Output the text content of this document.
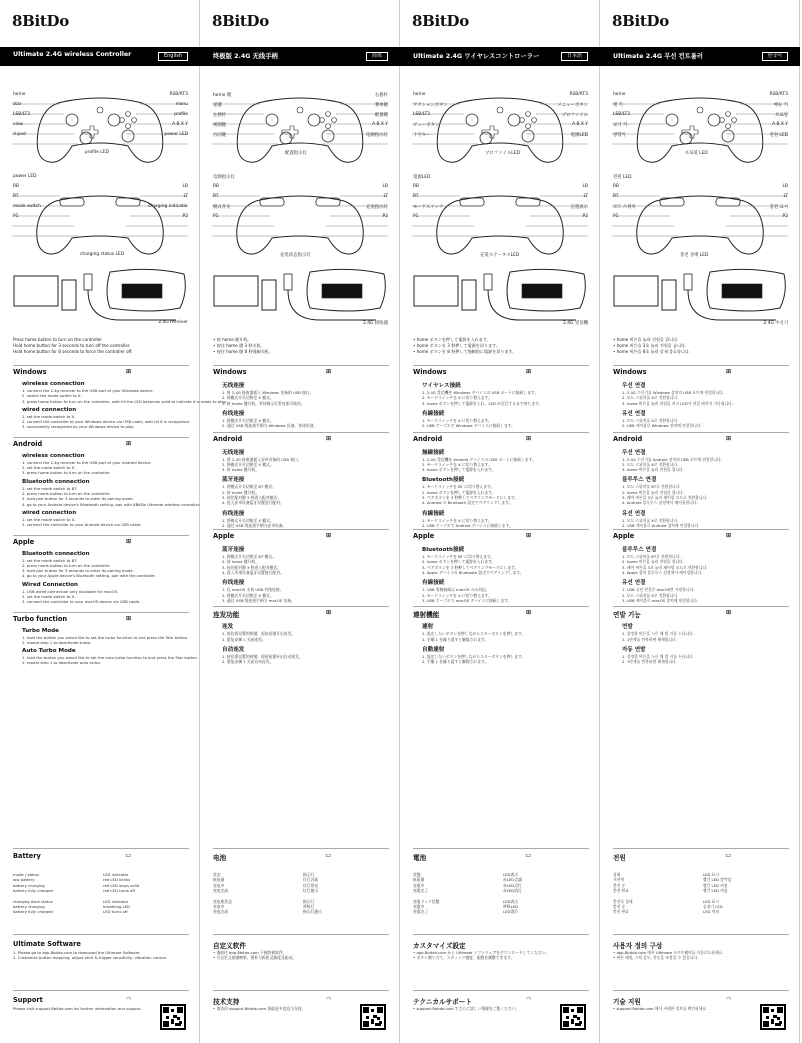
8BitDo
Ultimate 2.4G wireless Controller	English
home
star
LSB/LT3
view
d-pad
RSB/RT3
menu
profile
A B X Y
power LED
profile LED
power LED
RB
RT
mode switch
P1
LB
LT
charging indicator
P2
charging status LED
2.4G receiver
Press home button to turn on the controller.
Hold home button for 3 seconds to turn off the controller.
Hold home button for 8 seconds to force the controller off.
Windows	⊞
wireless connection
1. connect the 2.4g receiver to the USB port of your Windows device.
2. switch the mode switch to X.
3. press home button to turn on the controller, wait till the LED becomes solid to indicate it is ready to play.
wired connection
1. set the mode switch to X.
2. connect the controller to your Windows device via USB cable, wait till it is recognized.
3. successfully recognized by your Windows device to play.
Android	⊞
wireless connection
1. connect the 2.4g receiver to the USB port of your Android device.
2. set the mode switch to X.
3. press home button to turn on the controller.
Bluetooth connection
1. set the mode switch to BT.
2. press home button to turn on the controller.
3. hold pair button for 3 seconds to enter its pairing mode.
4. go to your Android device's Bluetooth setting, pair with 8BitDo Ultimate wireless controller.
wired connection
1. set the mode switch to X.
2. connect the controller to your Android device via USB cable.
Apple	⊞
Bluetooth connection
1. set the mode switch to BT.
2. press home button to turn on the controller.
3. hold pair button for 3 seconds to enter its pairing mode.
4. go to your Apple device's Bluetooth setting, pair with the controller.
Wired Connection
1. USB wired connection only available for macOS.
2. set the mode switch to X.
3. connect the controller to your macOS device via USB cable.
Turbo function	⊞
Turbo Mode
1. hold the button you would like to set the turbo function to and press the Star button.
2. repeat step 1 to deactivate turbo.
Auto Turbo Mode
1. hold the button you would like to set the auto turbo function to and press the Star button.
2. repeat step 1 to deactivate auto turbo.
Battery	▭
mode / status	LED indicator
low battery	red LED blinks
battery charging	red LED stays solid
battery fully charged	red LED turns off
charging dock status	LED indicator
battery charging	breathing LED
battery fully charged	LED turns off
Ultimate Software
1. Please go to app.8bitdo.com to download the Ultimate Software.
2. Customize button mapping, adjust stick & trigger sensitivity, vibration control.
Support	◠
Please visit support.8bitdo.com for further information and support.
8BitDo
终极版 2.4G 无线手柄	简体
home 键
星键
左摇杆
视图键
方向键
右摇杆
菜单键
配置键
A B X Y
电源指示灯
配置指示灯
电源指示灯
RB
RT
模式开关
P1
LB
LT
充电指示灯
P2
充电状态指示灯
2.4G 接收器
• 按 home 键开机。
• 按住 home 键 3 秒关机。
• 按住 home 键 8 秒强制关机。
Windows	⊞
无线连接
1. 将 2.4G 接收器插入 Windows 设备的 USB 接口。
2. 将模式开关切换至 X 模式。
3. 按 home 键开机，等待指示灯常亮即可使用。
有线连接
1. 将模式开关切换至 X 模式。
2. 通过 USB 线连接手柄与 Windows 设备，等待识别。
Android	⊞
无线连接
1. 将 2.4G 接收器插入安卓设备的 USB 接口。
2. 将模式开关切换至 X 模式。
3. 按 home 键开机。
蓝牙连接
1. 将模式开关切换至 BT 模式。
2. 按 home 键开机。
3. 按住配对键 3 秒进入配对模式。
4. 进入安卓设备蓝牙设置进行配对。
有线连接
1. 将模式开关切换至 X 模式。
2. 通过 USB 线连接手柄与安卓设备。
Apple	⊞
蓝牙连接
1. 将模式开关切换至 BT 模式。
2. 按 home 键开机。
3. 按住配对键 3 秒进入配对模式。
4. 进入苹果设备蓝牙设置进行配对。
有线连接
1. 仅 macOS 支持 USB 有线连接。
2. 将模式开关切换至 X 模式。
3. 通过 USB 线连接手柄与 macOS 设备。
连发功能	⊞
连发
1. 按住需设置的按键，再按星键开启连发。
2. 重复步骤 1 关闭连发。
自动连发
1. 按住需设置的按键，再按星键开启自动连发。
2. 重复步骤 1 关闭自动连发。
电池	▭
状态	指示灯
低电量	红灯闪烁
充电中	红灯常亮
充电完成	红灯熄灭
充电座状态	指示灯
充电中	呼吸灯
充电完成	指示灯熄灭
自定义软件
• 请前往 app.8bitdo.com 下载终极软件。
• 可自定义按键映射、摇杆与扳机灵敏度及振动。
技术支持	◠
• 请访问 support.8bitdo.com 获取更多信息与支持。
8BitDo
Ultimate 2.4G ワイヤレスコントローラー	日本語
home
アクションボタン
LSB/LT3
ビューボタン
十字キー
RSB/RT3
メニューボタン
プロファイル
A B X Y
電源LED
プロファイルLED
電源LED
RB
RT
モードスイッチ
P1
LB
LT
充電表示
P2
充電ステータスLED
2.4G 受信機
• home ボタンを押して電源を入れます。
• home ボタンを 3 秒押して電源を切ります。
• home ボタンを 8 秒押して強制的に電源を切ります。
Windows	⊞
ワイヤレス接続
1. 2.4G 受信機を Windows デバイスの USB ポートに接続します。
2. モードスイッチを X に切り替えます。
3. home ボタンを押して電源を入れ、LED が点灯するまで待ちます。
有線接続
1. モードスイッチを X に切り替えます。
2. USB ケーブルで Windows デバイスに接続します。
Android	⊞
無線接続
1. 2.4G 受信機を Android デバイスの USB ポートに接続します。
2. モードスイッチを X に切り替えます。
3. home ボタンを押して電源を入れます。
Bluetooth接続
1. モードスイッチを BT に切り替えます。
2. home ボタンを押して電源を入れます。
3. ペアボタンを 3 秒押してペアリングモードにします。
4. Android の Bluetooth 設定でペアリングします。
有線接続
1. モードスイッチを X に切り替えます。
2. USB ケーブルで Android デバイスに接続します。
Apple	⊞
Bluetooth接続
1. モードスイッチを BT に切り替えます。
2. home ボタンを押して電源を入れます。
3. ペアボタンを 3 秒押してペアリングモードにします。
4. Apple デバイスの Bluetooth 設定でペアリングします。
有線接続
1. USB 有線接続は macOS のみ対応。
2. モードスイッチを X に切り替えます。
3. USB ケーブルで macOS デバイスに接続します。
連射機能	⊞
連射
1. 設定したいボタンを押しながらスターボタンを押します。
2. 手順 1 を繰り返すと解除されます。
自動連射
1. 設定したいボタンを押しながらスターボタンを押します。
2. 手順 1 を繰り返すと解除されます。
電池	▭
状態	LED表示
低電量	赤LED点滅
充電中	赤LED点灯
充電完了	赤LED消灯
充電ドック状態	LED表示
充電中	呼吸LED
充電完了	LED消灯
カスタマイズ設定
• app.8bitdo.com から Ultimate ソフトウェアをダウンロードしてください。
• ボタン割り当て、スティック感度、振動を調整できます。
テクニカルサポート	◠
• support.8bitdo.com でさらに詳しい情報をご覧ください。
8BitDo
Ultimate 2.4G 무선 컨트롤러	한국어
home
별 키
LSB/LT3
보기 키
방향키
RSB/RT3
메뉴 키
프로필
A B X Y
전원 LED
프로필 LED
전원 LED
RB
RT
모드 스위치
P1
LB
LT
충전 표시
P2
충전 상태 LED
2.4G 수신기
• home 버튼을 눌러 전원을 켭니다.
• home 버튼을 3초 눌러 전원을 끕니다.
• home 버튼을 8초 눌러 강제 종료합니다.
Windows	⊞
무선 연결
1. 2.4G 수신기를 Windows 장치의 USB 포트에 연결합니다.
2. 모드 스위치를 X로 전환합니다.
3. home 버튼을 눌러 전원을 켜고 LED가 켜질 때까지 기다립니다.
유선 연결
1. 모드 스위치를 X로 전환합니다.
2. USB 케이블로 Windows 장치에 연결합니다.
Android	⊞
무선 연결
1. 2.4G 수신기를 Android 장치의 USB 포트에 연결합니다.
2. 모드 스위치를 X로 전환합니다.
3. home 버튼을 눌러 전원을 켭니다.
블루투스 연결
1. 모드 스위치를 BT로 전환합니다.
2. home 버튼을 눌러 전원을 켭니다.
3. 페어 버튼을 3초 눌러 페어링 모드로 전환합니다.
4. Android 블루투스 설정에서 페어링합니다.
유선 연결
1. 모드 스위치를 X로 전환합니다.
2. USB 케이블로 Android 장치에 연결합니다.
Apple	⊞
블루투스 연결
1. 모드 스위치를 BT로 전환합니다.
2. home 버튼을 눌러 전원을 켭니다.
3. 페어 버튼을 3초 눌러 페어링 모드로 전환합니다.
4. Apple 장치 블루투스 설정에서 페어링합니다.
유선 연결
1. USB 유선 연결은 macOS만 지원합니다.
2. 모드 스위치를 X로 전환합니다.
3. USB 케이블로 macOS 장치에 연결합니다.
연발 기능	⊞
연발
1. 설정할 버튼을 누른 채 별 키를 누릅니다.
2. 1단계를 반복하면 해제됩니다.
자동 연발
1. 설정할 버튼을 누른 채 별 키를 누릅니다.
2. 1단계를 반복하면 해제됩니다.
전원	▭
상태	LED 표시
저전력	빨간 LED 깜박임
충전 중	빨간 LED 켜짐
충전 완료	빨간 LED 꺼짐
충전독 상태	LED 표시
충전 중	숨쉬기 LED
충전 완료	LED 꺼짐
사용자 정의 구성
• app.8bitdo.com 에서 Ultimate 소프트웨어를 다운로드하세요.
• 버튼 매핑, 스틱 감도, 진동을 조정할 수 있습니다.
기술 지원	◠
• support.8bitdo.com 에서 자세한 정보를 확인하세요.
